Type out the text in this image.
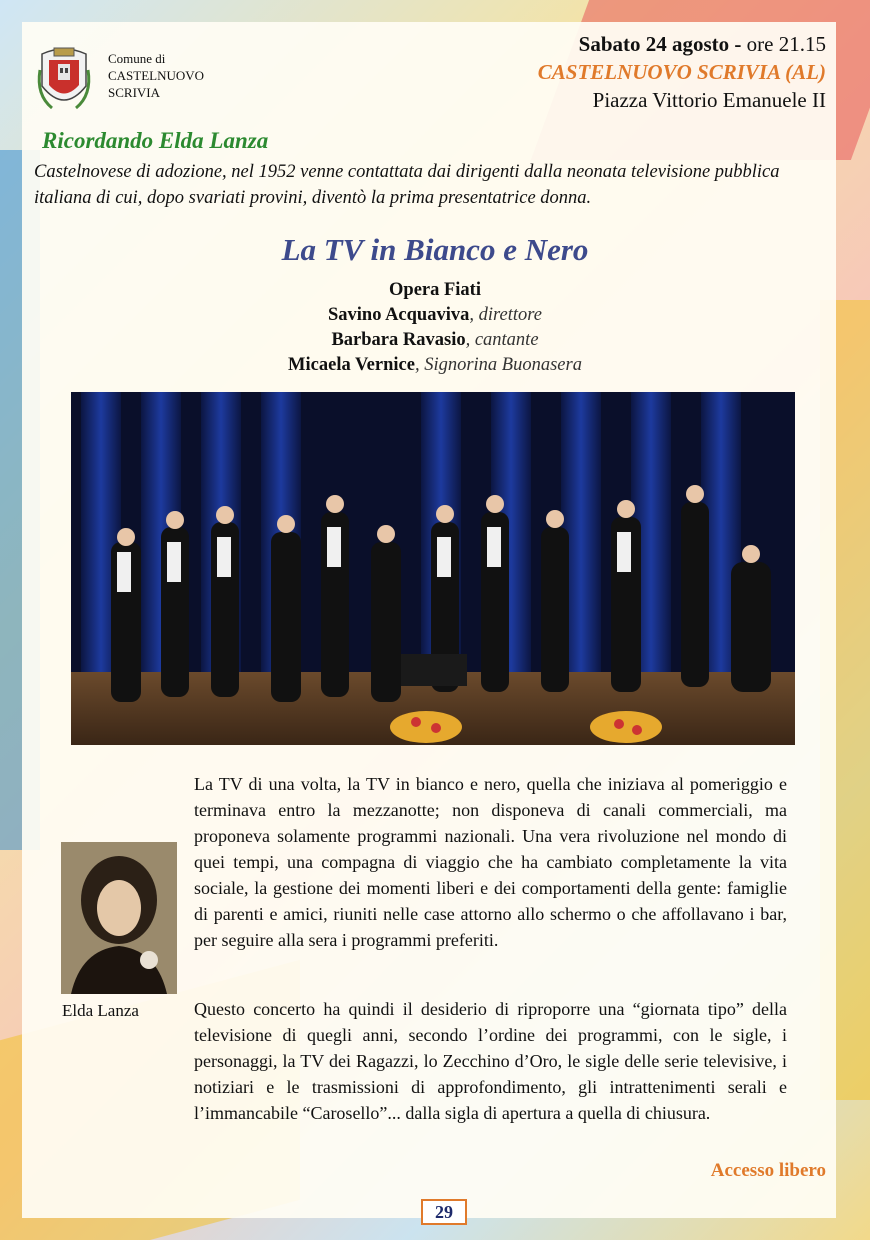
Comune di
CASTELNUOVO
SCRIVIA
Sabato 24 agosto - ore 21.15
CASTELNUOVO SCRIVIA (AL)
Piazza Vittorio Emanuele II
Ricordando Elda Lanza
Castelnovese di adozione, nel 1952 venne contattata dai dirigenti dalla neonata televisione pubblica italiana di cui, dopo svariati provini, diventò la prima presentatrice donna.
La TV in Bianco e Nero
Opera Fiati
Savino Acquaviva, direttore
Barbara Ravasio, cantante
Micaela Vernice, Signorina Buonasera
La TV di una volta, la TV in bianco e nero, quella che iniziava al pomeriggio e terminava entro la mezzanotte; non disponeva di canali commerciali, ma proponeva solamente programmi nazionali. Una vera rivoluzione nel mondo di quei tempi, una compagna di viaggio che ha cambiato completamente la vita sociale, la gestione dei momenti liberi e dei comportamenti della gente: famiglie di parenti e amici, riuniti nelle case attorno allo schermo o che affollavano i bar, per seguire alla sera i programmi preferiti.
Elda Lanza	Questo concerto ha quindi il desiderio di riproporre una “giornata tipo” della televisione di quegli anni, secondo l’ordine dei programmi, con le sigle, i personaggi, la TV dei Ragazzi, lo Zecchino d’Oro, le sigle delle serie televisive, i notiziari e le trasmissioni di approfondimento, gli intrattenimenti serali e l’immancabile “Carosello”... dalla sigla di apertura a quella di chiusura.
Accesso libero
29
